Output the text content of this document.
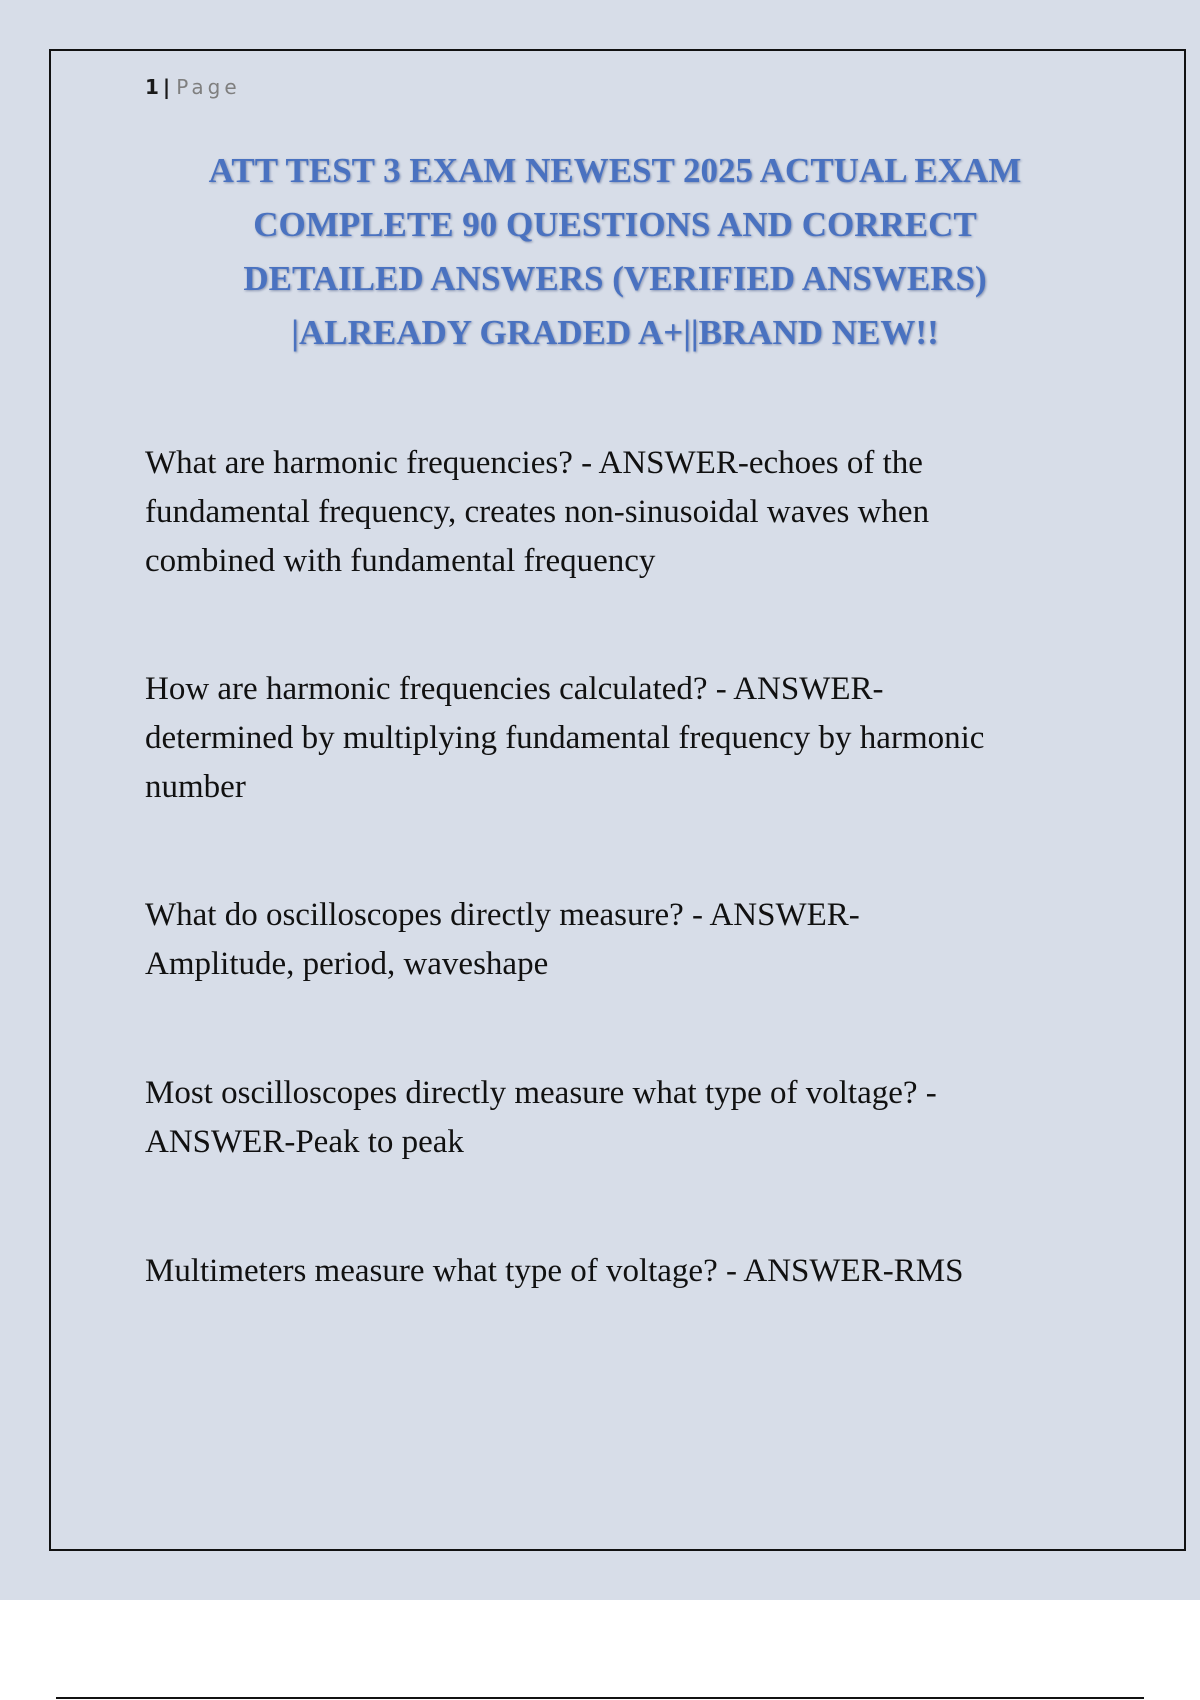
1 | Page
ATT TEST 3 EXAM NEWEST 2025 ACTUAL EXAM
COMPLETE 90 QUESTIONS AND CORRECT
DETAILED ANSWERS (VERIFIED ANSWERS)
|ALREADY GRADED A+||BRAND NEW!!

What are harmonic frequencies? - ANSWER-echoes of the
fundamental frequency, creates non-sinusoidal waves when
combined with fundamental frequency

How are harmonic frequencies calculated? - ANSWER-
determined by multiplying fundamental frequency by harmonic
number

What do oscilloscopes directly measure? - ANSWER-
Amplitude, period, waveshape

Most oscilloscopes directly measure what type of voltage? -
ANSWER-Peak to peak

Multimeters measure what type of voltage? - ANSWER-RMS
